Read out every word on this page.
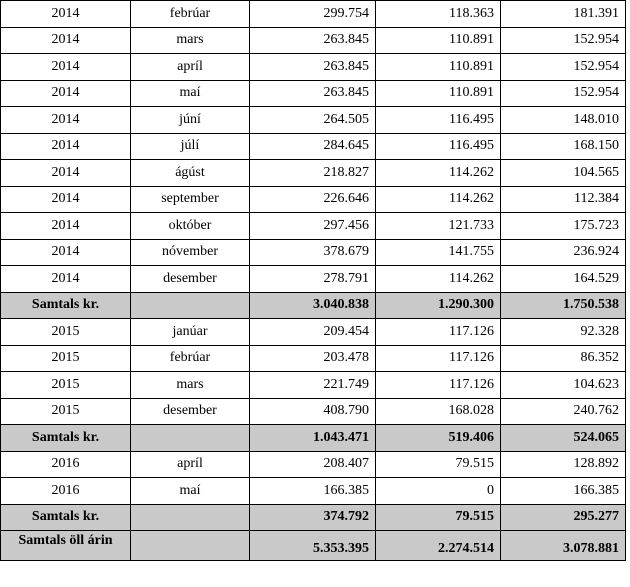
2014	febrúar	299.754	118.363	181.391
2014	mars	263.845	110.891	152.954
2014	apríl	263.845	110.891	152.954
2014	maí	263.845	110.891	152.954
2014	júní	264.505	116.495	148.010
2014	júlí	284.645	116.495	168.150
2014	ágúst	218.827	114.262	104.565
2014	september	226.646	114.262	112.384
2014	október	297.456	121.733	175.723
2014	nóvember	378.679	141.755	236.924
2014	desember	278.791	114.262	164.529
Samtals kr.		3.040.838	1.290.300	1.750.538
2015	janúar	209.454	117.126	92.328
2015	febrúar	203.478	117.126	86.352
2015	mars	221.749	117.126	104.623
2015	desember	408.790	168.028	240.762
Samtals kr.		1.043.471	519.406	524.065
2016	apríl	208.407	79.515	128.892
2016	maí	166.385	0	166.385
Samtals kr.		374.792	79.515	295.277
Samtals öll árin		5.353.395	2.274.514	3.078.881
